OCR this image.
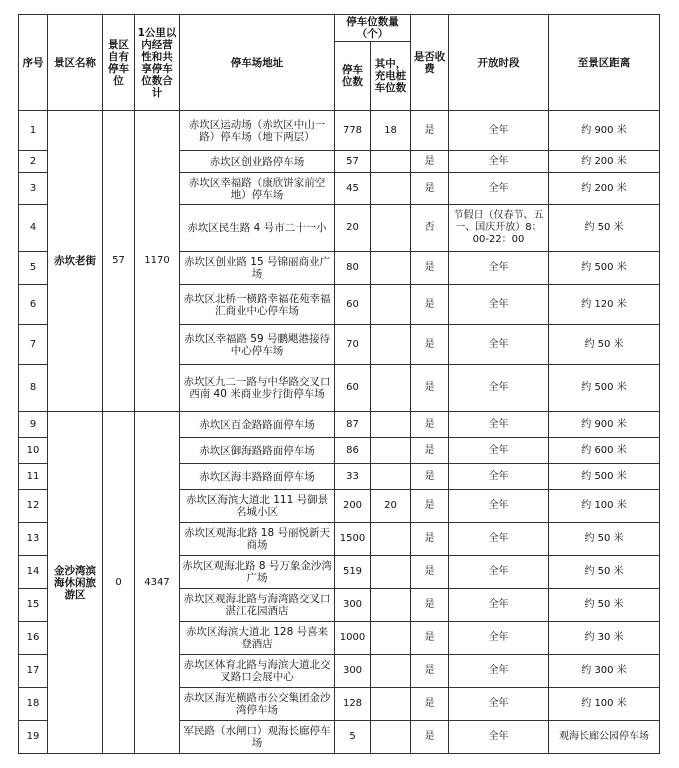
序号	景区名称	景区自有停车位	1公里以内经营性和共享停车位数合计	停车场地址	停车位数量（个）		是否收费	开放时段	至景区距离
					停车位数	其中，充电桩车位数			
1	赤坎老街	57	1170	赤坎区运动场（赤坎区中山一路）停车场（地下两层）	778	18	是	全年	约 900 米
2				赤坎区创业路停车场	57		是	全年	约 200 米
3				赤坎区幸福路（康欣饼家前空地）停车场	45		是	全年	约 200 米
4				赤坎区民生路 4 号市二十一小	20		否	节假日（仅春节、五一、国庆开放）8：00-22：00	约 50 米
5				赤坎区创业路 15 号锦丽商业广场	80		是	全年	约 500 米
6				赤坎区北桥一横路幸福花苑幸福汇商业中心停车场	60		是	全年	约 120 米
7				赤坎区幸福路 59 号鹏飓港接待中心停车场	70		是	全年	约 50 米
8				赤坎区九二一路与中华路交叉口西南 40 米商业步行街停车场	60		是	全年	约 500 米
9	金沙湾滨海休闲旅游区	0	4347	赤坎区百金路路面停车场	87		是	全年	约 900 米
10				赤坎区御海路路面停车场	86		是	全年	约 600 米
11				赤坎区海丰路路面停车场	33		是	全年	约 500 米
12				赤坎区海滨大道北 111 号御景名城小区	200	20	是	全年	约 100 米
13				赤坎区观海北路 18 号丽悦新天商场	1500		是	全年	约 50 米
14				赤坎区观海北路 8 号万象金沙湾广场	519		是	全年	约 50 米
15				赤坎区观海北路与海湾路交叉口湛江花园酒店	300		是	全年	约 50 米
16				赤坎区海滨大道北 128 号喜来登酒店	1000		是	全年	约 30 米
17				赤坎区体育北路与海滨大道北交叉路口会展中心	300		是	全年	约 300 米
18				赤坎区海光横路市公交集团金沙湾停车场	128		是	全年	约 100 米
19				军民路（水闸口）观海长廊停车场	5		是	全年	观海长廊公园停车场
